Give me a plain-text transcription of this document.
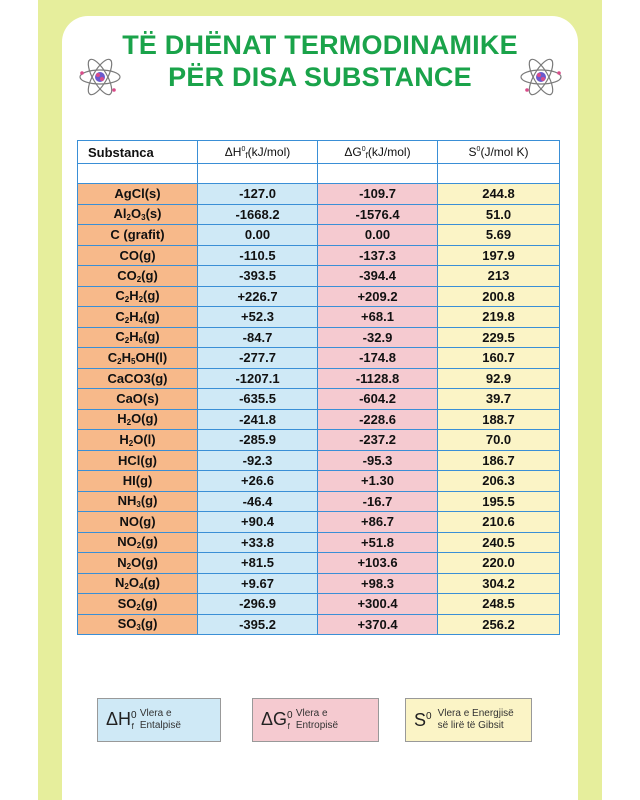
TË DHËNAT TERMODINAMIKE
PËR DISA SUBSTANCE
Substanca	$\Delta H^0_f(kJ/mol)$	$\Delta G^0_f(kJ/mol)$	$S^0(J$/mol K)

AgCl(s)	-127.0	-109.7	244.8
$Al_2O_3(s)$	-1668.2	-1576.4	51.0
C (grafit)	0.00	0.00	5.69
CO(g)	-110.5	-137.3	197.9
$CO_2(g)$	-393.5	-394.4	213
$C_2H_2(g)$	+226.7	+209.2	200.8
$C_2H_4(g)$	+52.3	+68.1	219.8
$C_2H_6(g)$	-84.7	-32.9	229.5
$C_2H_5OH(l)$	-277.7	-174.8	160.7
CaCO3(g)	-1207.1	-1128.8	92.9
CaO(s)	-635.5	-604.2	39.7
$H_2O(g)$	-241.8	-228.6	188.7
$H_2O(l)$	-285.9	-237.2	70.0
HCl(g)	-92.3	-95.3	186.7
HI(g)	+26.6	+1.30	206.3
$NH_3(g)$	-46.4	-16.7	195.5
NO(g)	+90.4	+86.7	210.6
$NO_2(g)$	+33.8	+51.8	240.5
$N_2O(g)$	+81.5	+103.6	220.0
$N_2O_4(g)$	+9.67	+98.3	304.2
$SO_2(g)$	-296.9	+300.4	248.5
$SO_3(g)$	-395.2	+370.4	256.2
$\Delta H^0_f$
Vlera e
Entalpisë	$\Delta G^0_f$
Vlera e
Entropisë	$S^0$ Vlera e Energjisë
së lirë të Gibsit
